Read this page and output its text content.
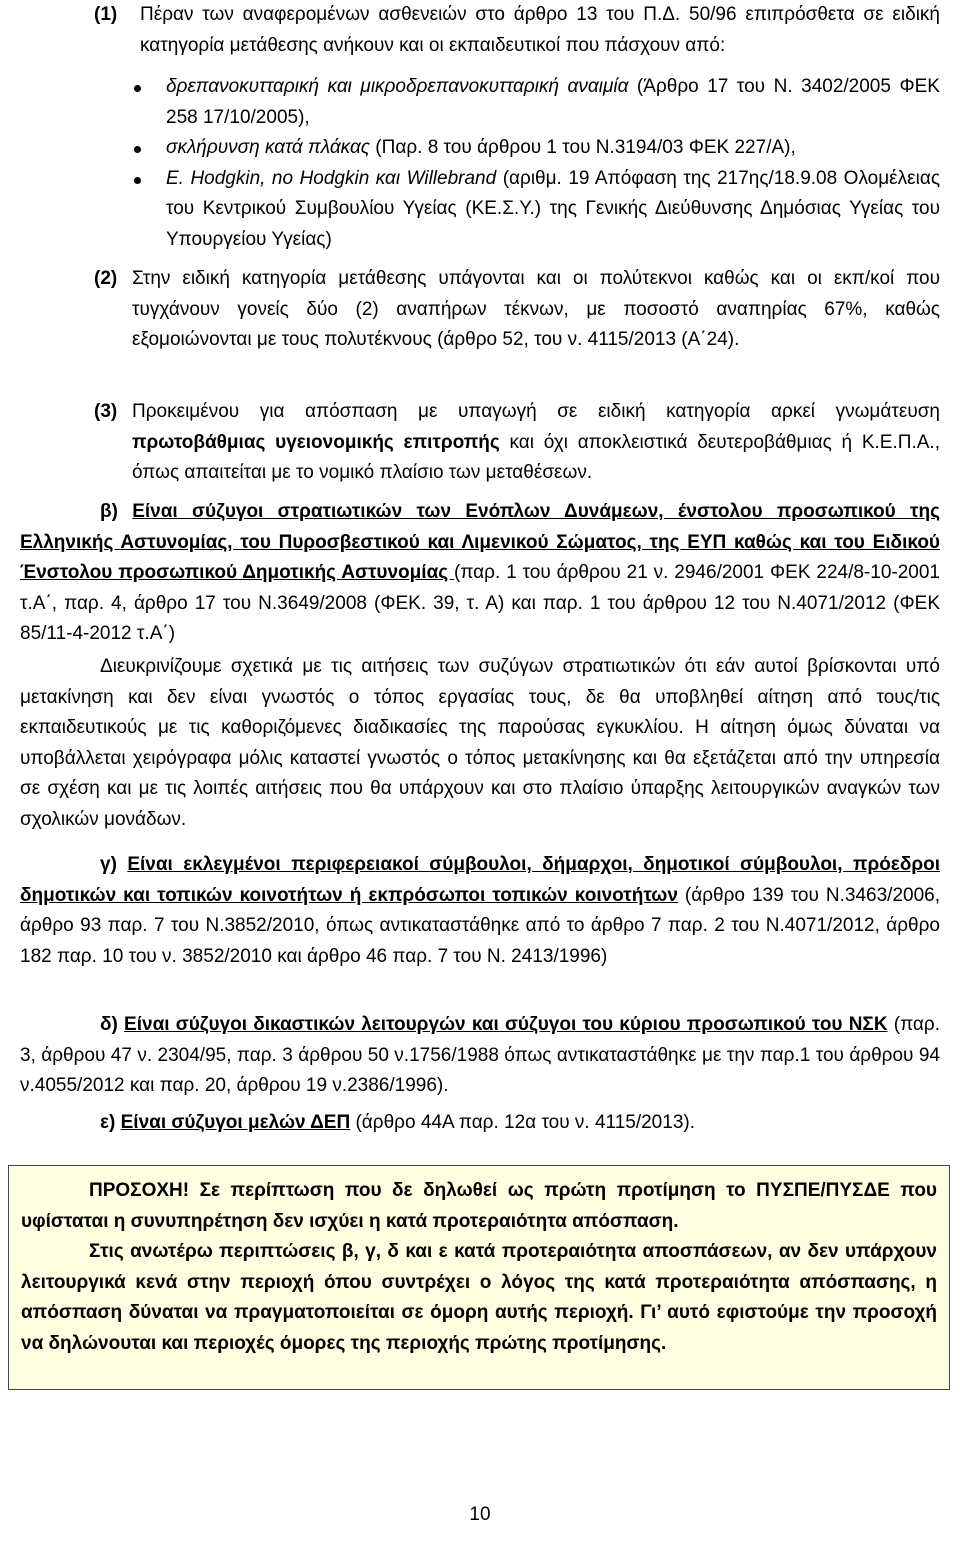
(1)	Πέραν των αναφερομένων ασθενειών στο άρθρο 13 του Π.Δ. 50/96 επιπρόσθετα σε ειδική κατηγορία μετάθεσης ανήκουν και οι εκπαιδευτικοί που πάσχουν από:

δρεπανοκυτταρική και μικροδρεπανοκυτταρική αναιμία (Άρθρο 17 του Ν. 3402/2005 ΦΕΚ 258 17/10/2005),
σκλήρυνση κατά πλάκας (Παρ. 8 του άρθρου 1 του Ν.3194/03 ΦΕΚ 227/Α),
Ε. Hodgkin, no Hodgkin και Willebrand (αριθμ. 19 Απόφαση της 217ης/18.9.08 Ολομέλειας του Κεντρικού Συμβουλίου Υγείας (ΚΕ.Σ.Υ.) της Γενικής Διεύθυνσης Δημόσιας Υγείας του Υπουργείου Υγείας)
(2) Στην ειδική κατηγορία μετάθεσης υπάγονται και οι πολύτεκνοι καθώς και οι εκπ/κοί που τυγχάνουν γονείς δύο (2) αναπήρων τέκνων, με ποσοστό αναπηρίας 67%, καθώς εξομοιώνονται με τους πολυτέκνους (άρθρο 52, του ν. 4115/2013 (Α΄24).

(3) Προκειμένου για απόσπαση με υπαγωγή σε ειδική κατηγορία αρκεί γνωμάτευση πρωτοβάθμιας υγειονομικής επιτροπής και όχι αποκλειστικά δευτεροβάθμιας ή Κ.Ε.Π.Α., όπως απαιτείται με το νομικό πλαίσιο των μεταθέσεων.

β) Είναι σύζυγοι στρατιωτικών των Ενόπλων Δυνάμεων, ένστολου προσωπικού της Ελληνικής Αστυνομίας, του Πυροσβεστικού και Λιμενικού Σώματος, της ΕΥΠ καθώς και του Ειδικού Ένστολου προσωπικού Δημοτικής Αστυνομίας (παρ. 1 του άρθρου 21 ν. 2946/2001 ΦΕΚ 224/8-10-2001 τ.Α΄, παρ. 4, άρθρο 17 του Ν.3649/2008 (ΦΕΚ. 39, τ. Α) και παρ. 1 του άρθρου 12 του Ν.4071/2012 (ΦΕΚ 85/11-4-2012 τ.Α΄)

Διευκρινίζουμε σχετικά με τις αιτήσεις των συζύγων στρατιωτικών ότι εάν αυτοί βρίσκονται υπό μετακίνηση και δεν είναι γνωστός ο τόπος εργασίας τους, δε θα υποβληθεί αίτηση από τους/τις εκπαιδευτικούς με τις καθοριζόμενες διαδικασίες της παρούσας εγκυκλίου. Η αίτηση όμως δύναται να υποβάλλεται χειρόγραφα μόλις καταστεί γνωστός ο τόπος μετακίνησης και θα εξετάζεται από την υπηρεσία σε σχέση και με τις λοιπές αιτήσεις που θα υπάρχουν και στο πλαίσιο ύπαρξης λειτουργικών αναγκών των σχολικών μονάδων.

γ) Είναι εκλεγμένοι περιφερειακοί σύμβουλοι, δήμαρχοι, δημοτικοί σύμβουλοι, πρόεδροι δημοτικών και τοπικών κοινοτήτων ή εκπρόσωποι τοπικών κοινοτήτων (άρθρο 139 του Ν.3463/2006, άρθρο 93 παρ. 7 του Ν.3852/2010, όπως αντικαταστάθηκε από το άρθρο 7 παρ. 2 του Ν.4071/2012, άρθρο 182 παρ. 10 του ν. 3852/2010 και άρθρο 46 παρ. 7 του Ν. 2413/1996)

δ) Είναι σύζυγοι δικαστικών λειτουργών και σύζυγοι του κύριου προσωπικού του ΝΣΚ (παρ. 3, άρθρου 47 ν. 2304/95, παρ. 3 άρθρου 50 ν.1756/1988 όπως αντικαταστάθηκε με την παρ.1 του άρθρου 94 ν.4055/2012 και παρ. 20, άρθρου 19 ν.2386/1996).

ε) Είναι σύζυγοι μελών ΔΕΠ (άρθρο 44Α παρ. 12α του ν. 4115/2013).

ΠΡΟΣΟΧΗ! Σε περίπτωση που δε δηλωθεί ως πρώτη προτίμηση το ΠΥΣΠΕ/ΠΥΣΔΕ που υφίσταται η συνυπηρέτηση δεν ισχύει η κατά προτεραιότητα απόσπαση.

Στις ανωτέρω περιπτώσεις β, γ, δ και ε κατά προτεραιότητα αποσπάσεων, αν δεν υπάρχουν λειτουργικά κενά στην περιοχή όπου συντρέχει ο λόγος της κατά προτεραιότητα απόσπασης, η απόσπαση δύναται να πραγματοποιείται σε όμορη αυτής περιοχή. Γι’ αυτό εφιστούμε την προσοχή να δηλώνουται και περιοχές όμορες της περιοχής πρώτης προτίμησης.

10
